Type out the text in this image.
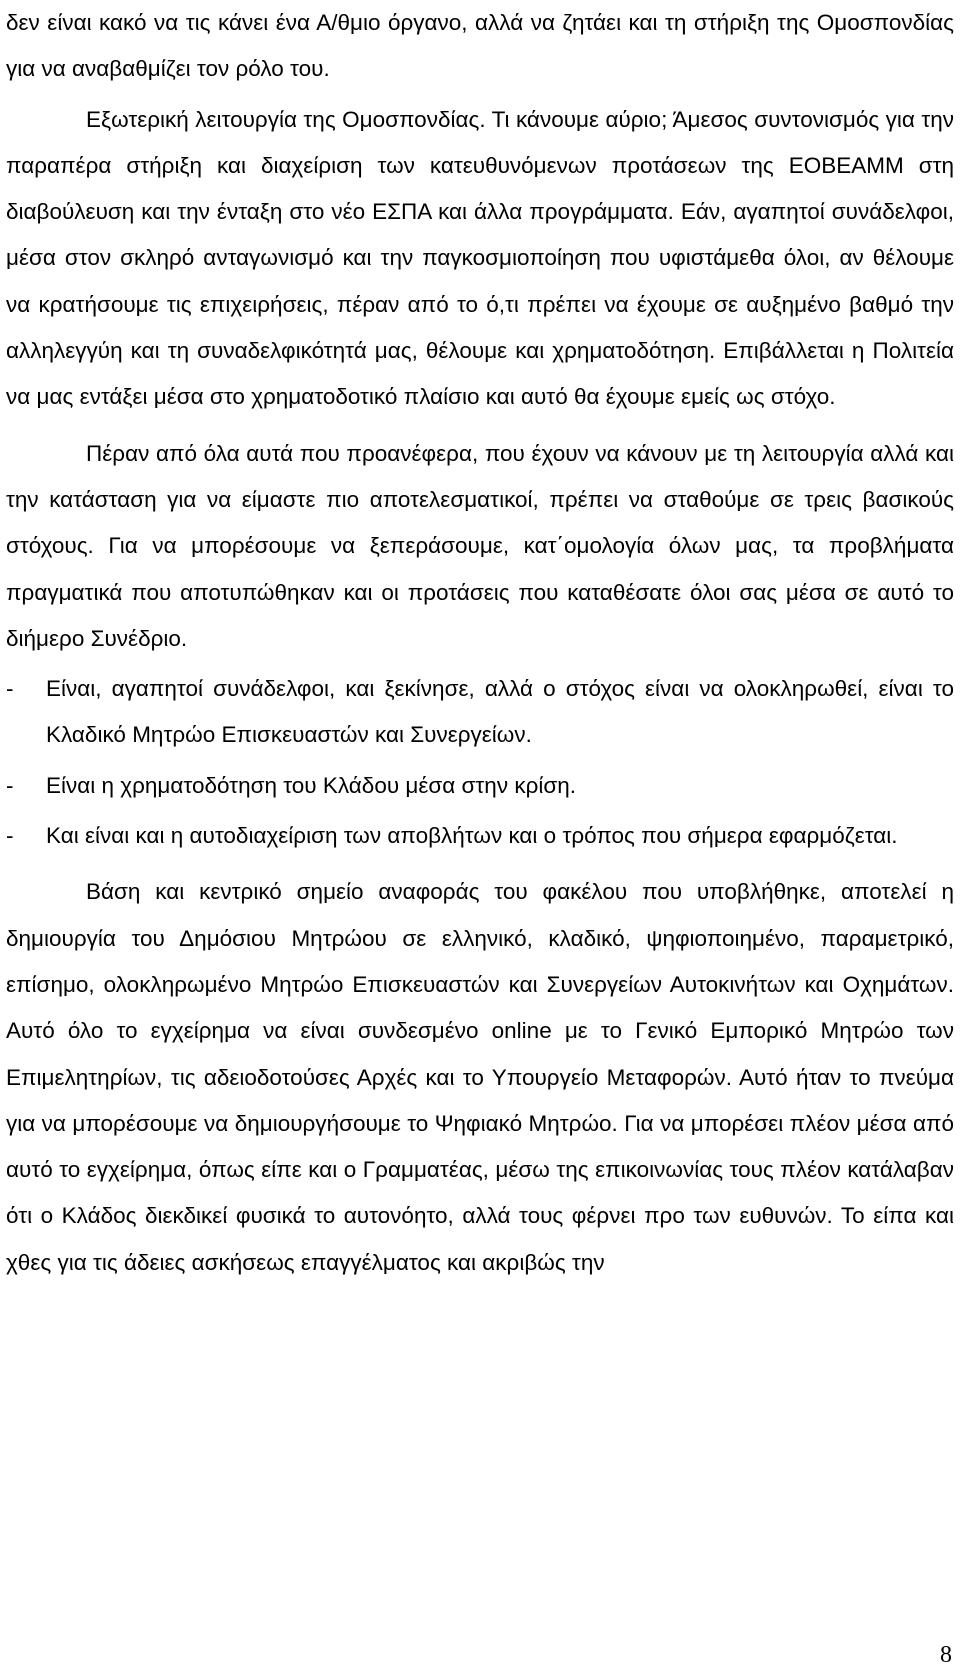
δεν είναι κακό να τις κάνει ένα Α/θμιο όργανο, αλλά να ζητάει και τη στήριξη της Ομοσπονδίας για να αναβαθμίζει τον ρόλο του.

Εξωτερική λειτουργία της Ομοσπονδίας. Τι κάνουμε αύριο; Άμεσος συντονισμός για την παραπέρα στήριξη και διαχείριση των κατευθυνόμενων προτάσεων της ΕΟΒΕΑΜΜ στη διαβούλευση και την ένταξη στο νέο ΕΣΠΑ και άλλα προγράμματα. Εάν, αγαπητοί συνάδελφοι, μέσα στον σκληρό ανταγωνισμό και την παγκοσμιοποίηση που υφιστάμεθα όλοι, αν θέλουμε να κρατήσουμε τις επιχειρήσεις, πέραν από το ό,τι πρέπει να έχουμε σε αυξημένο βαθμό την αλληλεγγύη και τη συναδελφικότητά μας, θέλουμε και χρηματοδότηση. Επιβάλλεται η Πολιτεία να μας εντάξει μέσα στο χρηματοδοτικό πλαίσιο και αυτό θα έχουμε εμείς ως στόχο.

Πέραν από όλα αυτά που προανέφερα, που έχουν να κάνουν με τη λειτουργία αλλά και την κατάσταση για να είμαστε πιο αποτελεσματικοί, πρέπει να σταθούμε σε τρεις βασικούς στόχους. Για να μπορέσουμε να ξεπεράσουμε, κατ΄ομολογία όλων μας, τα προβλήματα πραγματικά που αποτυπώθηκαν και οι προτάσεις που καταθέσατε όλοι σας μέσα σε αυτό το διήμερο Συνέδριο.

- Είναι, αγαπητοί συνάδελφοι, και ξεκίνησε, αλλά ο στόχος είναι να ολοκληρωθεί, είναι το Κλαδικό Μητρώο Επισκευαστών και Συνεργείων.
- Είναι η χρηματοδότηση του Κλάδου μέσα στην κρίση.
- Και είναι και η αυτοδιαχείριση των αποβλήτων και ο τρόπος που σήμερα εφαρμόζεται.

Βάση και κεντρικό σημείο αναφοράς του φακέλου που υποβλήθηκε, αποτελεί η δημιουργία του Δημόσιου Μητρώου σε ελληνικό, κλαδικό, ψηφιοποιημένο, παραμετρικό, επίσημο, ολοκληρωμένο Μητρώο Επισκευαστών και Συνεργείων Αυτοκινήτων και Οχημάτων. Αυτό όλο το εγχείρημα να είναι συνδεσμένο online με το Γενικό Εμπορικό Μητρώο των Επιμελητηρίων, τις αδειοδοτούσες Αρχές και το Υπουργείο Μεταφορών. Αυτό ήταν το πνεύμα για να μπορέσουμε να δημιουργήσουμε το Ψηφιακό Μητρώο. Για να μπορέσει πλέον μέσα από αυτό το εγχείρημα, όπως είπε και ο Γραμματέας, μέσω της επικοινωνίας τους πλέον κατάλαβαν ότι ο Κλάδος διεκδικεί φυσικά το αυτονόητο, αλλά τους φέρνει προ των ευθυνών. Το είπα και χθες για τις άδειες ασκήσεως επαγγέλματος και ακριβώς την

8
